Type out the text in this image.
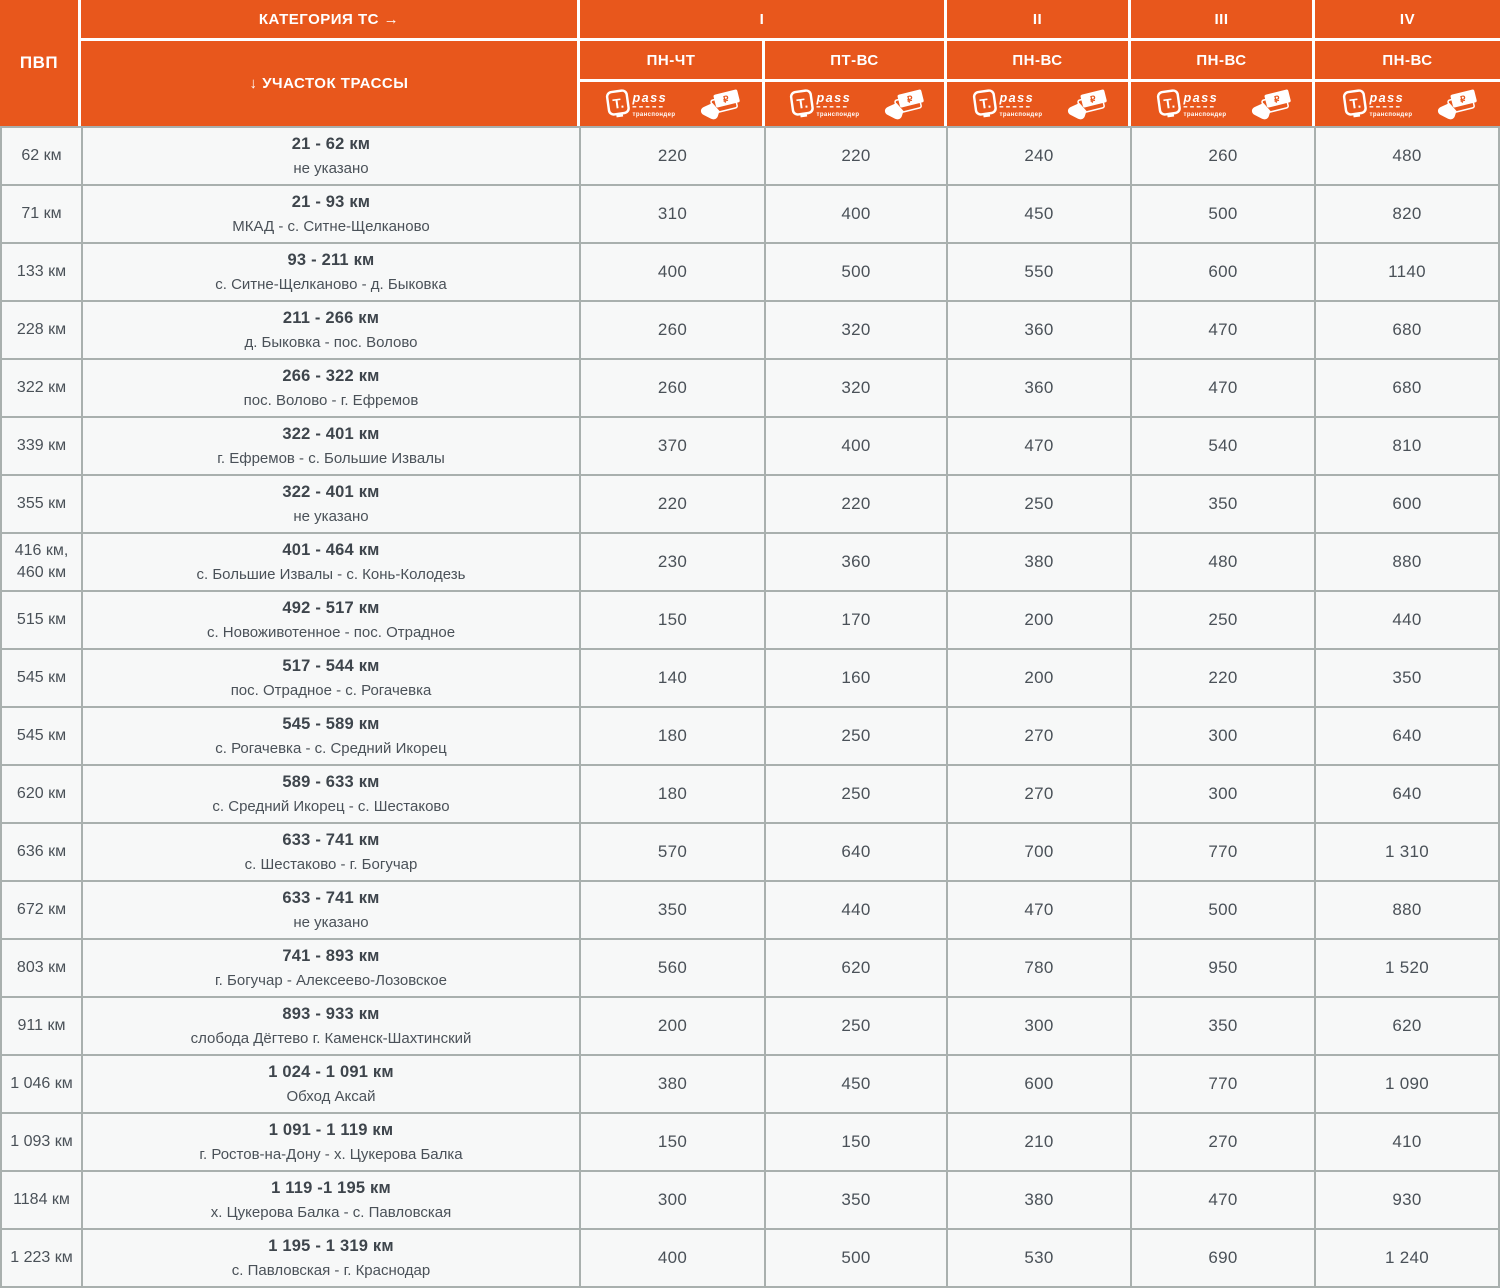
ПВП
КАТЕГОРИЯ ТС →
↓ УЧАСТОК ТРАССЫ
I	II	III	IV
ПН-ЧТ	ПТ-ВС	ПН-ВС	ПН-ВС	ПН-ВС
T. pass
транспондер
₽	T. pass
транспондер
₽	T. pass
транспондер
₽	T. pass
транспондер
₽	T. pass
транспондер
₽
62 км
21 - 62 км
не указано
220	220	240	260	480
71 км
21 - 93 км
МКАД - с. Ситне-Щелканово
310	400	450	500	820
133 км
93 - 211 км
с. Ситне-Щелканово - д. Быковка
400	500	550	600	1140
228 км
211 - 266 км
д. Быковка - пос. Волово
260	320	360	470	680
322 км
266 - 322 км
пос. Волово - г. Ефремов
260	320	360	470	680
339 км
322 - 401 км
г. Ефремов - с. Большие Извалы
370	400	470	540	810
355 км
322 - 401 км
не указано
220	220	250	350	600
416 км, 460 км
401 - 464 км
с. Большие Извалы - с. Конь-Колодезь
230	360	380	480	880
515 км
492 - 517 км
с. Новоживотенное - пос. Отрадное
150	170	200	250	440
545 км
517 - 544 км
пос. Отрадное - с. Рогачевка
140	160	200	220	350
545 км
545 - 589 км
с. Рогачевка - с. Средний Икорец
180	250	270	300	640
620 км
589 - 633 км
с. Средний Икорец - с. Шестаково
180	250	270	300	640
636 км
633 - 741 км
с. Шестаково - г. Богучар
570	640	700	770	1 310
672 км
633 - 741 км
не указано
350	440	470	500	880
803 км
741 - 893 км
г. Богучар - Алексеево-Лозовское
560	620	780	950	1 520
911 км
893 - 933 км
слобода Дёгтево г. Каменск-Шахтинский
200	250	300	350	620
1 046 км
1 024 - 1 091 км
Обход Аксай
380	450	600	770	1 090
1 093 км
1 091 - 1 119 км
г. Ростов-на-Дону - х. Цукерова Балка
150	150	210	270	410
1184 км
1 119 -1 195 км
х. Цукерова Балка - с. Павловская
300	350	380	470	930
1 223 км
1 195 - 1 319 км
с. Павловская - г. Краснодар
400	500	530	690	1 240
